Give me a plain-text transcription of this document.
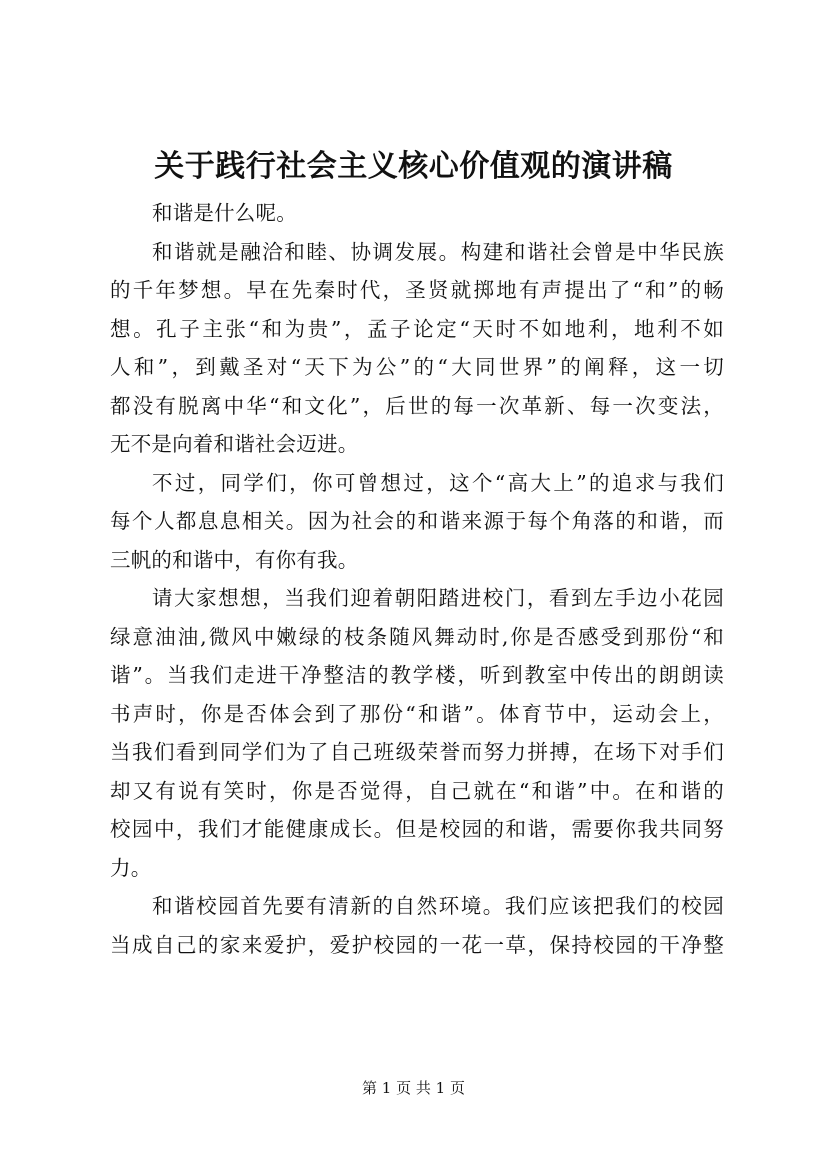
关于践行社会主义核心价值观的演讲稿
和谐是什么呢。
和谐就是融洽和睦、协调发展。构建和谐社会曾是中华民族
的千年梦想。早在先秦时代，圣贤就掷地有声提出了“和”的畅
想。孔子主张“和为贵”，孟子论定“天时不如地利，地利不如
人和”，到戴圣对“天下为公”的“大同世界”的阐释，这一切
都没有脱离中华“和文化”，后世的每一次革新、每一次变法，
无不是向着和谐社会迈进。
不过，同学们，你可曾想过，这个“高大上”的追求与我们
每个人都息息相关。因为社会的和谐来源于每个角落的和谐，而
三帆的和谐中，有你有我。
请大家想想，当我们迎着朝阳踏进校门，看到左手边小花园
绿意油油,微风中嫩绿的枝条随风舞动时,你是否感受到那份“和
谐”。当我们走进干净整洁的教学楼，听到教室中传出的朗朗读
书声时，你是否体会到了那份“和谐”。体育节中，运动会上，
当我们看到同学们为了自己班级荣誉而努力拼搏，在场下对手们
却又有说有笑时，你是否觉得，自己就在“和谐”中。在和谐的
校园中，我们才能健康成长。但是校园的和谐，需要你我共同努
力。
和谐校园首先要有清新的自然环境。我们应该把我们的校园
当成自己的家来爱护，爱护校园的一花一草，保持校园的干净整
第 1 页 共 1 页
